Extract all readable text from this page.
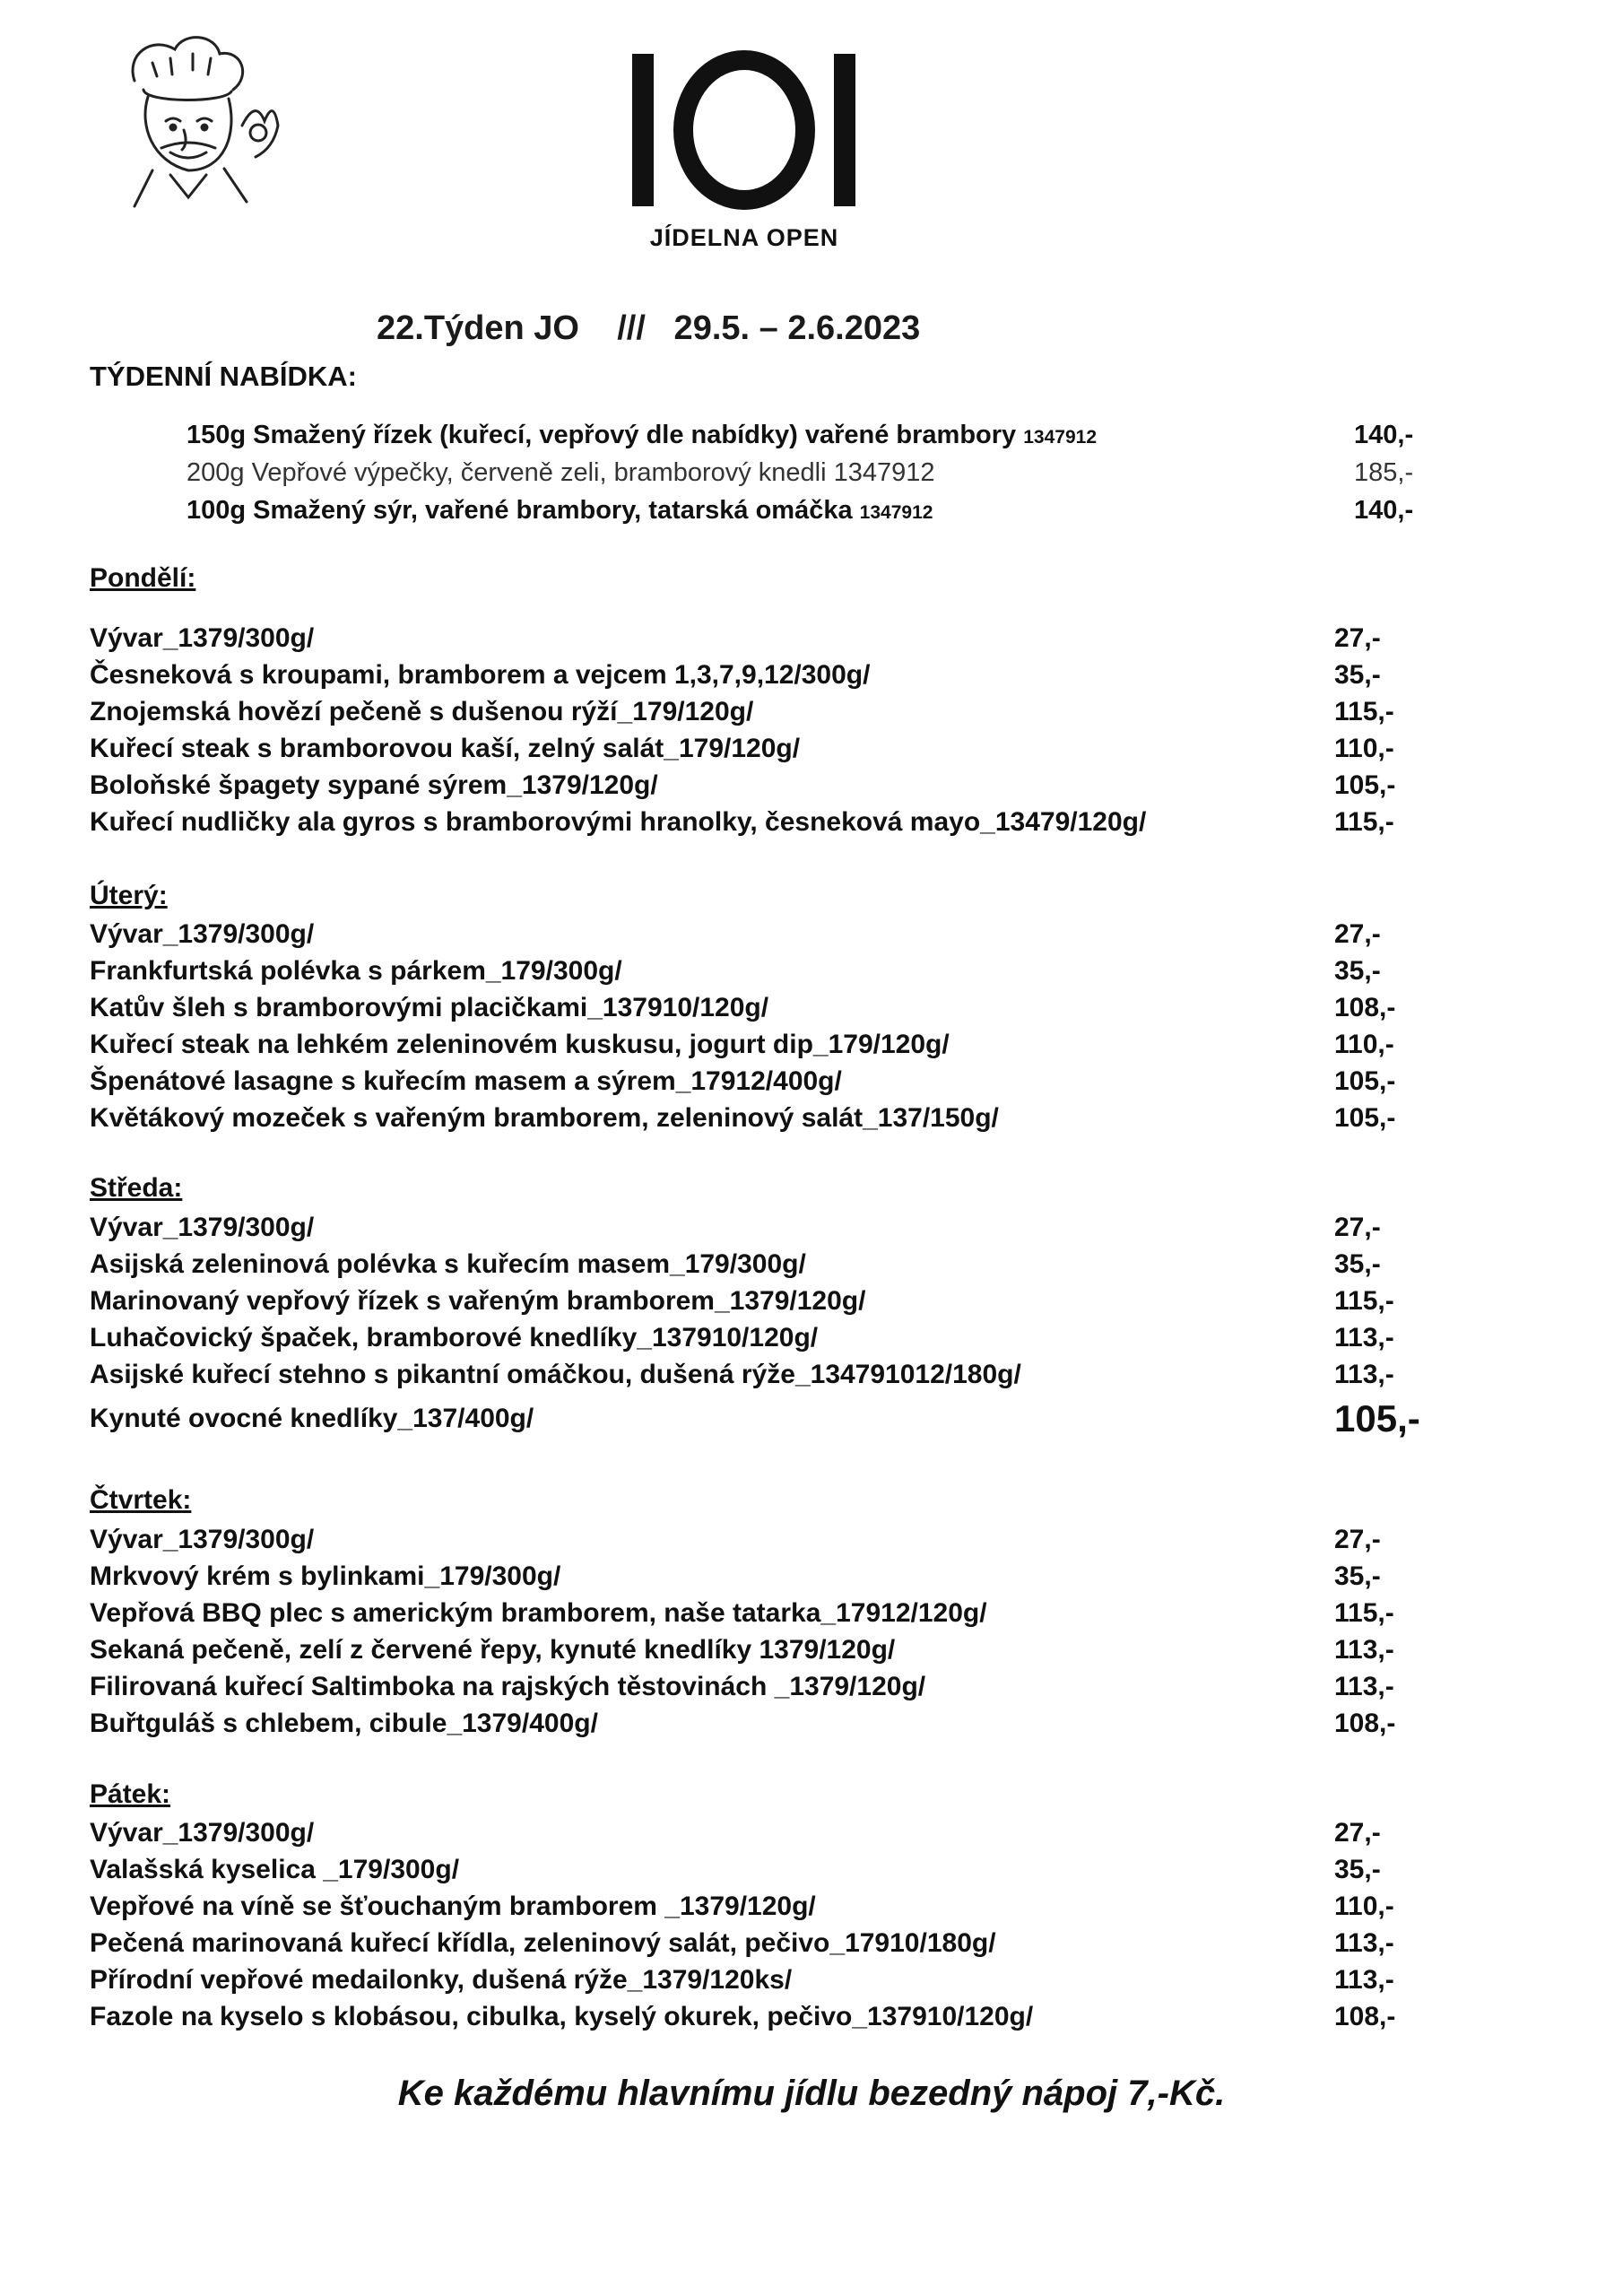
JÍDELNA OPEN
22.Týden JO    ///   29.5. – 2.6.2023
TÝDENNÍ NABÍDKA:
150g Smažený řízek (kuřecí, vepřový dle nabídky) vařené brambory 1347912	140,-
200g Vepřové výpečky, červeně zeli, bramborový knedli 1347912	185,-
100g Smažený sýr, vařené brambory, tatarská omáčka 1347912	140,-
Pondělí:
Vývar_1379/300g/	27,-
Česneková s kroupami, bramborem a vejcem 1,3,7,9,12/300g/	35,-
Znojemská hovězí pečeně s dušenou rýží_179/120g/	115,-
Kuřecí steak s bramborovou kaší, zelný salát_179/120g/	110,-
Boloňské špagety sypané sýrem_1379/120g/	105,-
Kuřecí nudličky ala gyros s bramborovými hranolky, česneková mayo_13479/120g/	115,-
Úterý:
Vývar_1379/300g/	27,-
Frankfurtská polévka s párkem_179/300g/	35,-
Katův šleh s bramborovými placičkami_137910/120g/	108,-
Kuřecí steak na lehkém zeleninovém kuskusu, jogurt dip_179/120g/	110,-
Špenátové lasagne s kuřecím masem a sýrem_17912/400g/	105,-
Květákový mozeček s vařeným bramborem, zeleninový salát_137/150g/	105,-
Středa:
Vývar_1379/300g/	27,-
Asijská zeleninová polévka s kuřecím masem_179/300g/	35,-
Marinovaný vepřový řízek s vařeným bramborem_1379/120g/	115,-
Luhačovický špaček, bramborové knedlíky_137910/120g/	113,-
Asijské kuřecí stehno s pikantní omáčkou, dušená rýže_134791012/180g/	113,-
Kynuté ovocné knedlíky_137/400g/	105,-
Čtvrtek:
Vývar_1379/300g/	27,-
Mrkvový krém s bylinkami_179/300g/	35,-
Vepřová BBQ plec s americkým bramborem, naše tatarka_17912/120g/	115,-
Sekaná pečeně, zelí z červené řepy, kynuté knedlíky 1379/120g/	113,-
Filirovaná kuřecí Saltimboka na rajských těstovinách _1379/120g/	113,-
Buřtguláš s chlebem, cibule_1379/400g/	108,-
Pátek:
Vývar_1379/300g/	27,-
Valašská kyselica _179/300g/	35,-
Vepřové na víně se šťouchaným bramborem _1379/120g/	110,-
Pečená marinovaná kuřecí křídla, zeleninový salát, pečivo_17910/180g/	113,-
Přírodní vepřové medailonky, dušená rýže_1379/120ks/	113,-
Fazole na kyselo s klobásou, cibulka, kyselý okurek, pečivo_137910/120g/	108,-
Ke každému hlavnímu jídlu bezedný nápoj 7,-Kč.
